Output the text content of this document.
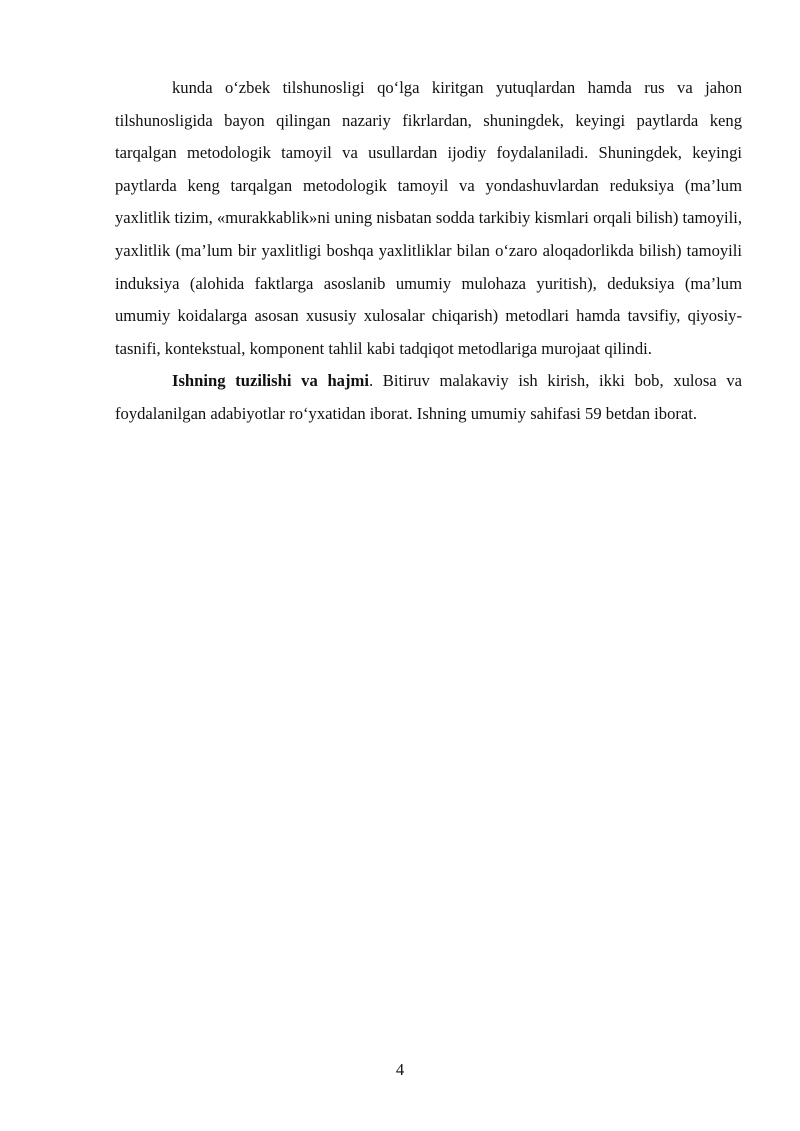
kunda o‘zbek tilshunosligi qo‘lga kiritgan yutuqlardan hamda rus va jahon tilshunosligida bayon qilingan nazariy fikrlardan, shuningdek, keyingi paytlarda keng tarqalgan metodologik tamoyil va usullardan ijodiy foydalaniladi. Shuningdek, keyingi paytlarda keng tarqalgan metodologik tamoyil va yondashuvlardan reduksiya (ma’lum yaxlitlik tizim, «murakkablik»ni uning nisbatan sodda tarkibiy kismlari orqali bilish) tamoyili, yaxlitlik (ma’lum bir yaxlitligi boshqa yaxlitliklar bilan o‘zaro aloqadorlikda bilish) tamoyili induksiya (alohida faktlarga asoslanib umumiy mulohaza yuritish), deduksiya (ma’lum umumiy koidalarga asosan xususiy xulosalar chiqarish) metodlari hamda tavsifiy, qiyosiy-tasnifi, kontekstual, komponent tahlil kabi tadqiqot metodlariga murojaat qilindi.

Ishning tuzilishi va hajmi. Bitiruv malakaviy ish kirish, ikki bob, xulosa va foydalanilgan adabiyotlar ro‘yxatidan iborat. Ishning umumiy sahifasi 59 betdan iborat.

4
